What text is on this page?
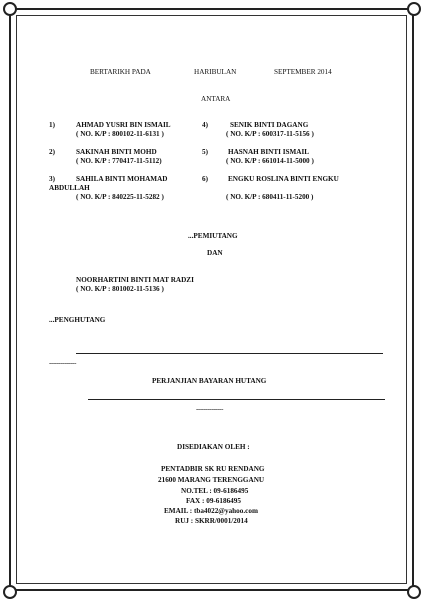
BERTARIKH PADA	HARIBULAN	SEPTEMBER 2014
ANTARA
1)	AHMAD YUSRI BIN ISMAIL
( NO. K/P : 800102-11-6131 )
2)	SAKINAH BINTI MOHD
( NO. K/P : 770417-11-5112)
3)	SAHILA BINTI MOHAMAD
ABDULLAH
( NO. K/P : 840225-11-5282 )
4)	SENIK BINTI DAGANG
( NO. K/P : 600317-11-5156 )
5)	HASNAH BINTI ISMAIL
( NO. K/P : 661014-11-5000 )
6)	ENGKU ROSLINA BINTI ENGKU
( NO. K/P : 680411-11-5200 )
...PEMIUTANG
DAN
NOORHARTINI BINTI MAT RADZI
( NO. K/P : 801002-11-5136 )
...PENGHUTANG
--------------
PERJANJIAN BAYARAN HUTANG
--------------
DISEDIAKAN OLEH :
PENTADBIR SK RU RENDANG
21600 MARANG TERENGGANU
NO.TEL : 09-6186495
FAX : 09-6186495
EMAIL : tba4022@yahoo.com
RUJ : SKRR/0001/2014
